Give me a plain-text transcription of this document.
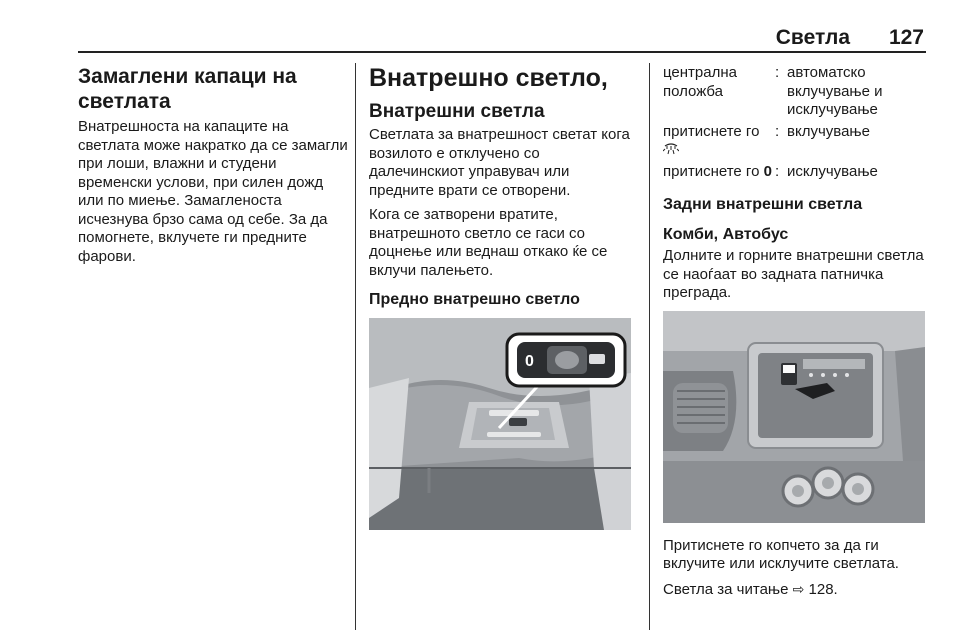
Светла 127
Замаглени капаци на светлата

Внатрешноста на капаците на светлата може накратко да се замагли при лоши, влажни и студени временски услови, при силен дожд или по миење. Замагленоста исчезнува брзо сама од себе. За да помогнете, вклучете ги предните фарови.

Внатрешно светло,
Внатрешни светла

Светлата за внатрешност светат кога возилото е отклучено со далечинскиот управувач или предните врати се отворени.

Кога се затворени вратите, внатрешното светло се гаси со доцнење или веднаш откако ќе се вклучи палењето.

Предно внатрешно светло
0
централна положба
: автоматско вклучување и исклучување
притиснете го	: вклучување
притиснете го 0 : исклучување
Задни внатрешни светла
Комби, Автобус

Долните и горните внатрешни светла се наоѓаат во задната патничка преграда.

Притиснете го копчето за да ги вклучите или исклучите светлата.

Светла за читање ⇨ 128.
